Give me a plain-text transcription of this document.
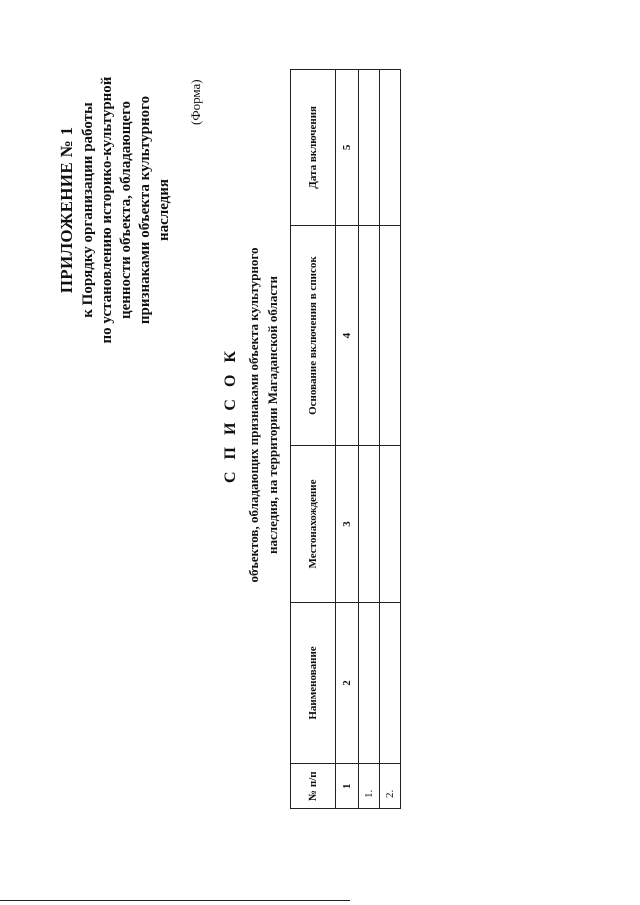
ПРИЛОЖЕНИЕ № 1 к Порядку организации работы по установлению историко-культурной ценности объекта, обладающего признаками объекта культурного наследия
(Форма)
С П И С О К объектов, обладающих признаками объекта культурного наследия, на территории Магаданской области
№ п/п	Наименование	Местонахождение	Основание включения в список	Дата включения
1	2	3	4	5
1.				
2.				
